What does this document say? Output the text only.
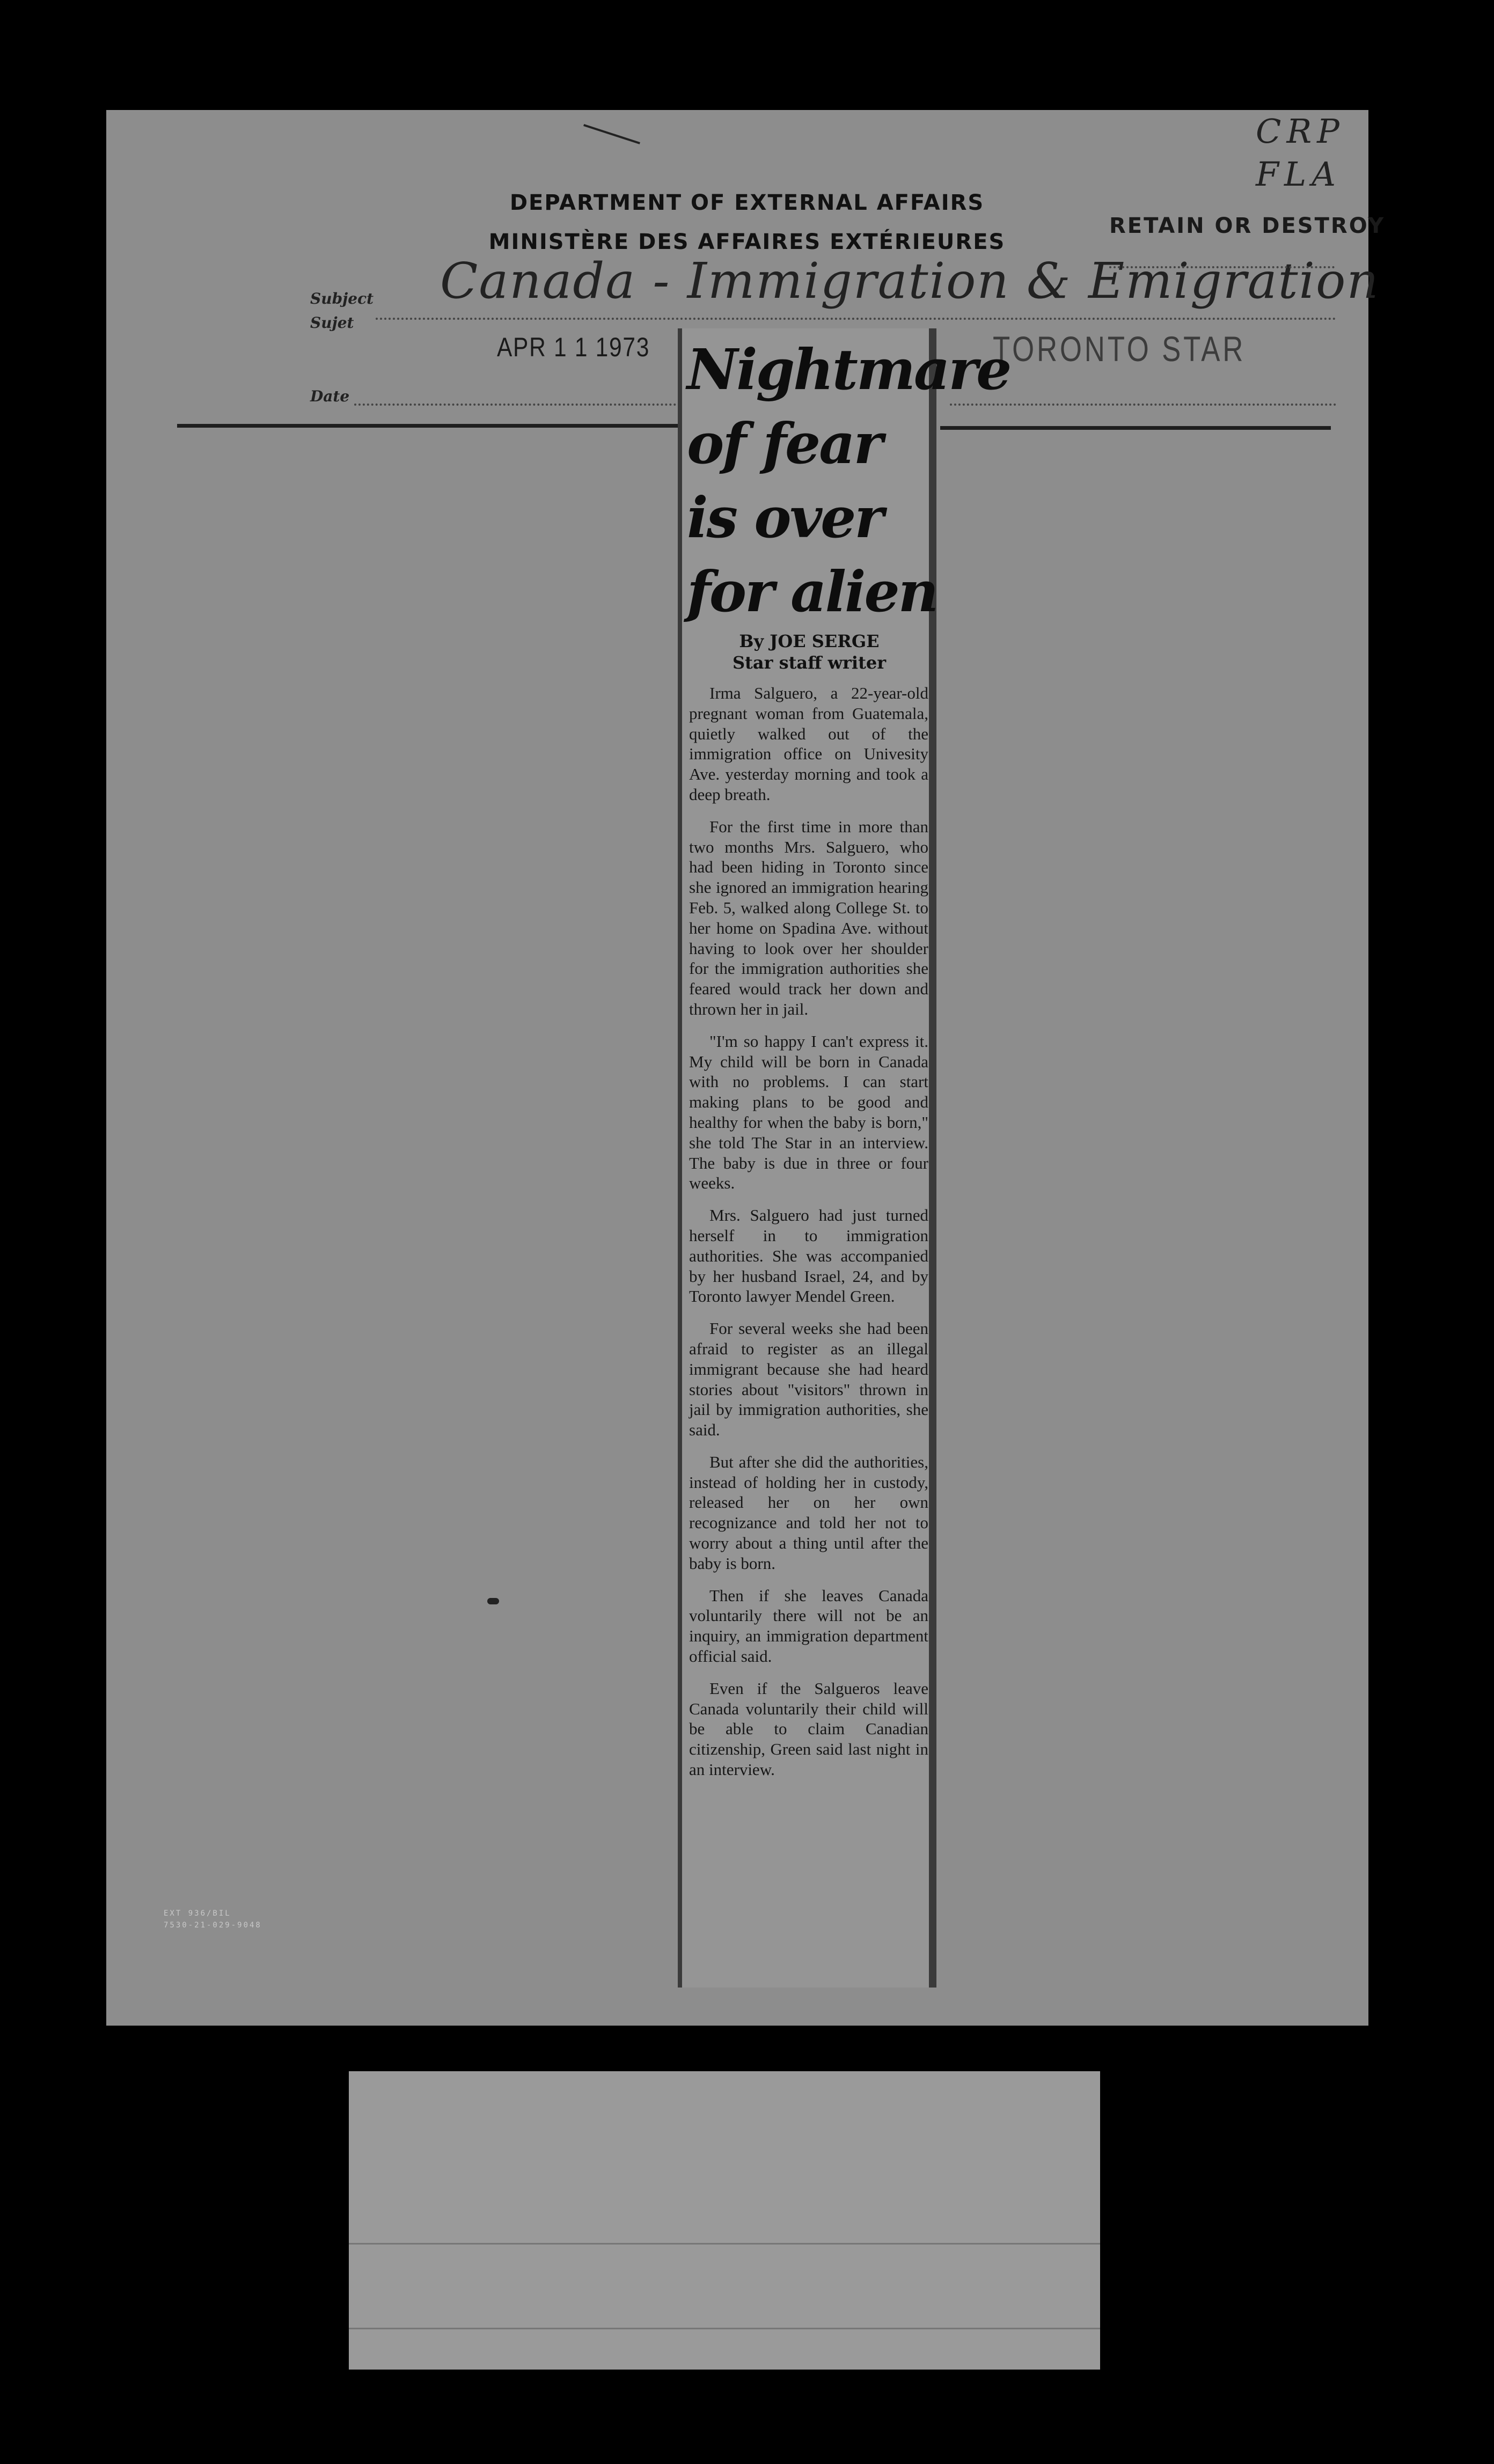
DEPARTMENT OF EXTERNAL AFFAIRS
MINISTÈRE DES AFFAIRES EXTÉRIEURES
RETAIN OR DESTROY
CRP
FLA
Subject
Sujet
Date
Canada - Immigration & Emigration
APR 1 1 1973	TORONTO STAR
Nightmare
of fear
is over
for alien
By JOE SERGE
Star staff writer

Irma Salguero, a 22-year-old pregnant woman from Guatemala, quietly walked out of the immigration office on Univesity Ave. yesterday morning and took a deep breath.

For the first time in more than two months Mrs. Salguero, who had been hiding in Toronto since she ignored an immigration hearing Feb. 5, walked along College St. to her home on Spadina Ave. without having to look over her shoulder for the immigration authorities she feared would track her down and thrown her in jail.

"I'm so happy I can't express it. My child will be born in Canada with no problems. I can start making plans to be good and healthy for when the baby is born," she told The Star in an interview. The baby is due in three or four weeks.

Mrs. Salguero had just turned herself in to immigration authorities. She was accompanied by her husband Israel, 24, and by Toronto lawyer Mendel Green.

For several weeks she had been afraid to register as an illegal immigrant because she had heard stories about "visitors" thrown in jail by immigration authorities, she said.

But after she did the authorities, instead of holding her in custody, released her on her own recognizance and told her not to worry about a thing until after the baby is born.

Then if she leaves Canada voluntarily there will not be an inquiry, an immigration department official said.

Even if the Salgueros leave Canada voluntarily their child will be able to claim Canadian citizenship, Green said last night in an interview.

EXT 936/BIL
7530-21-029-9048
